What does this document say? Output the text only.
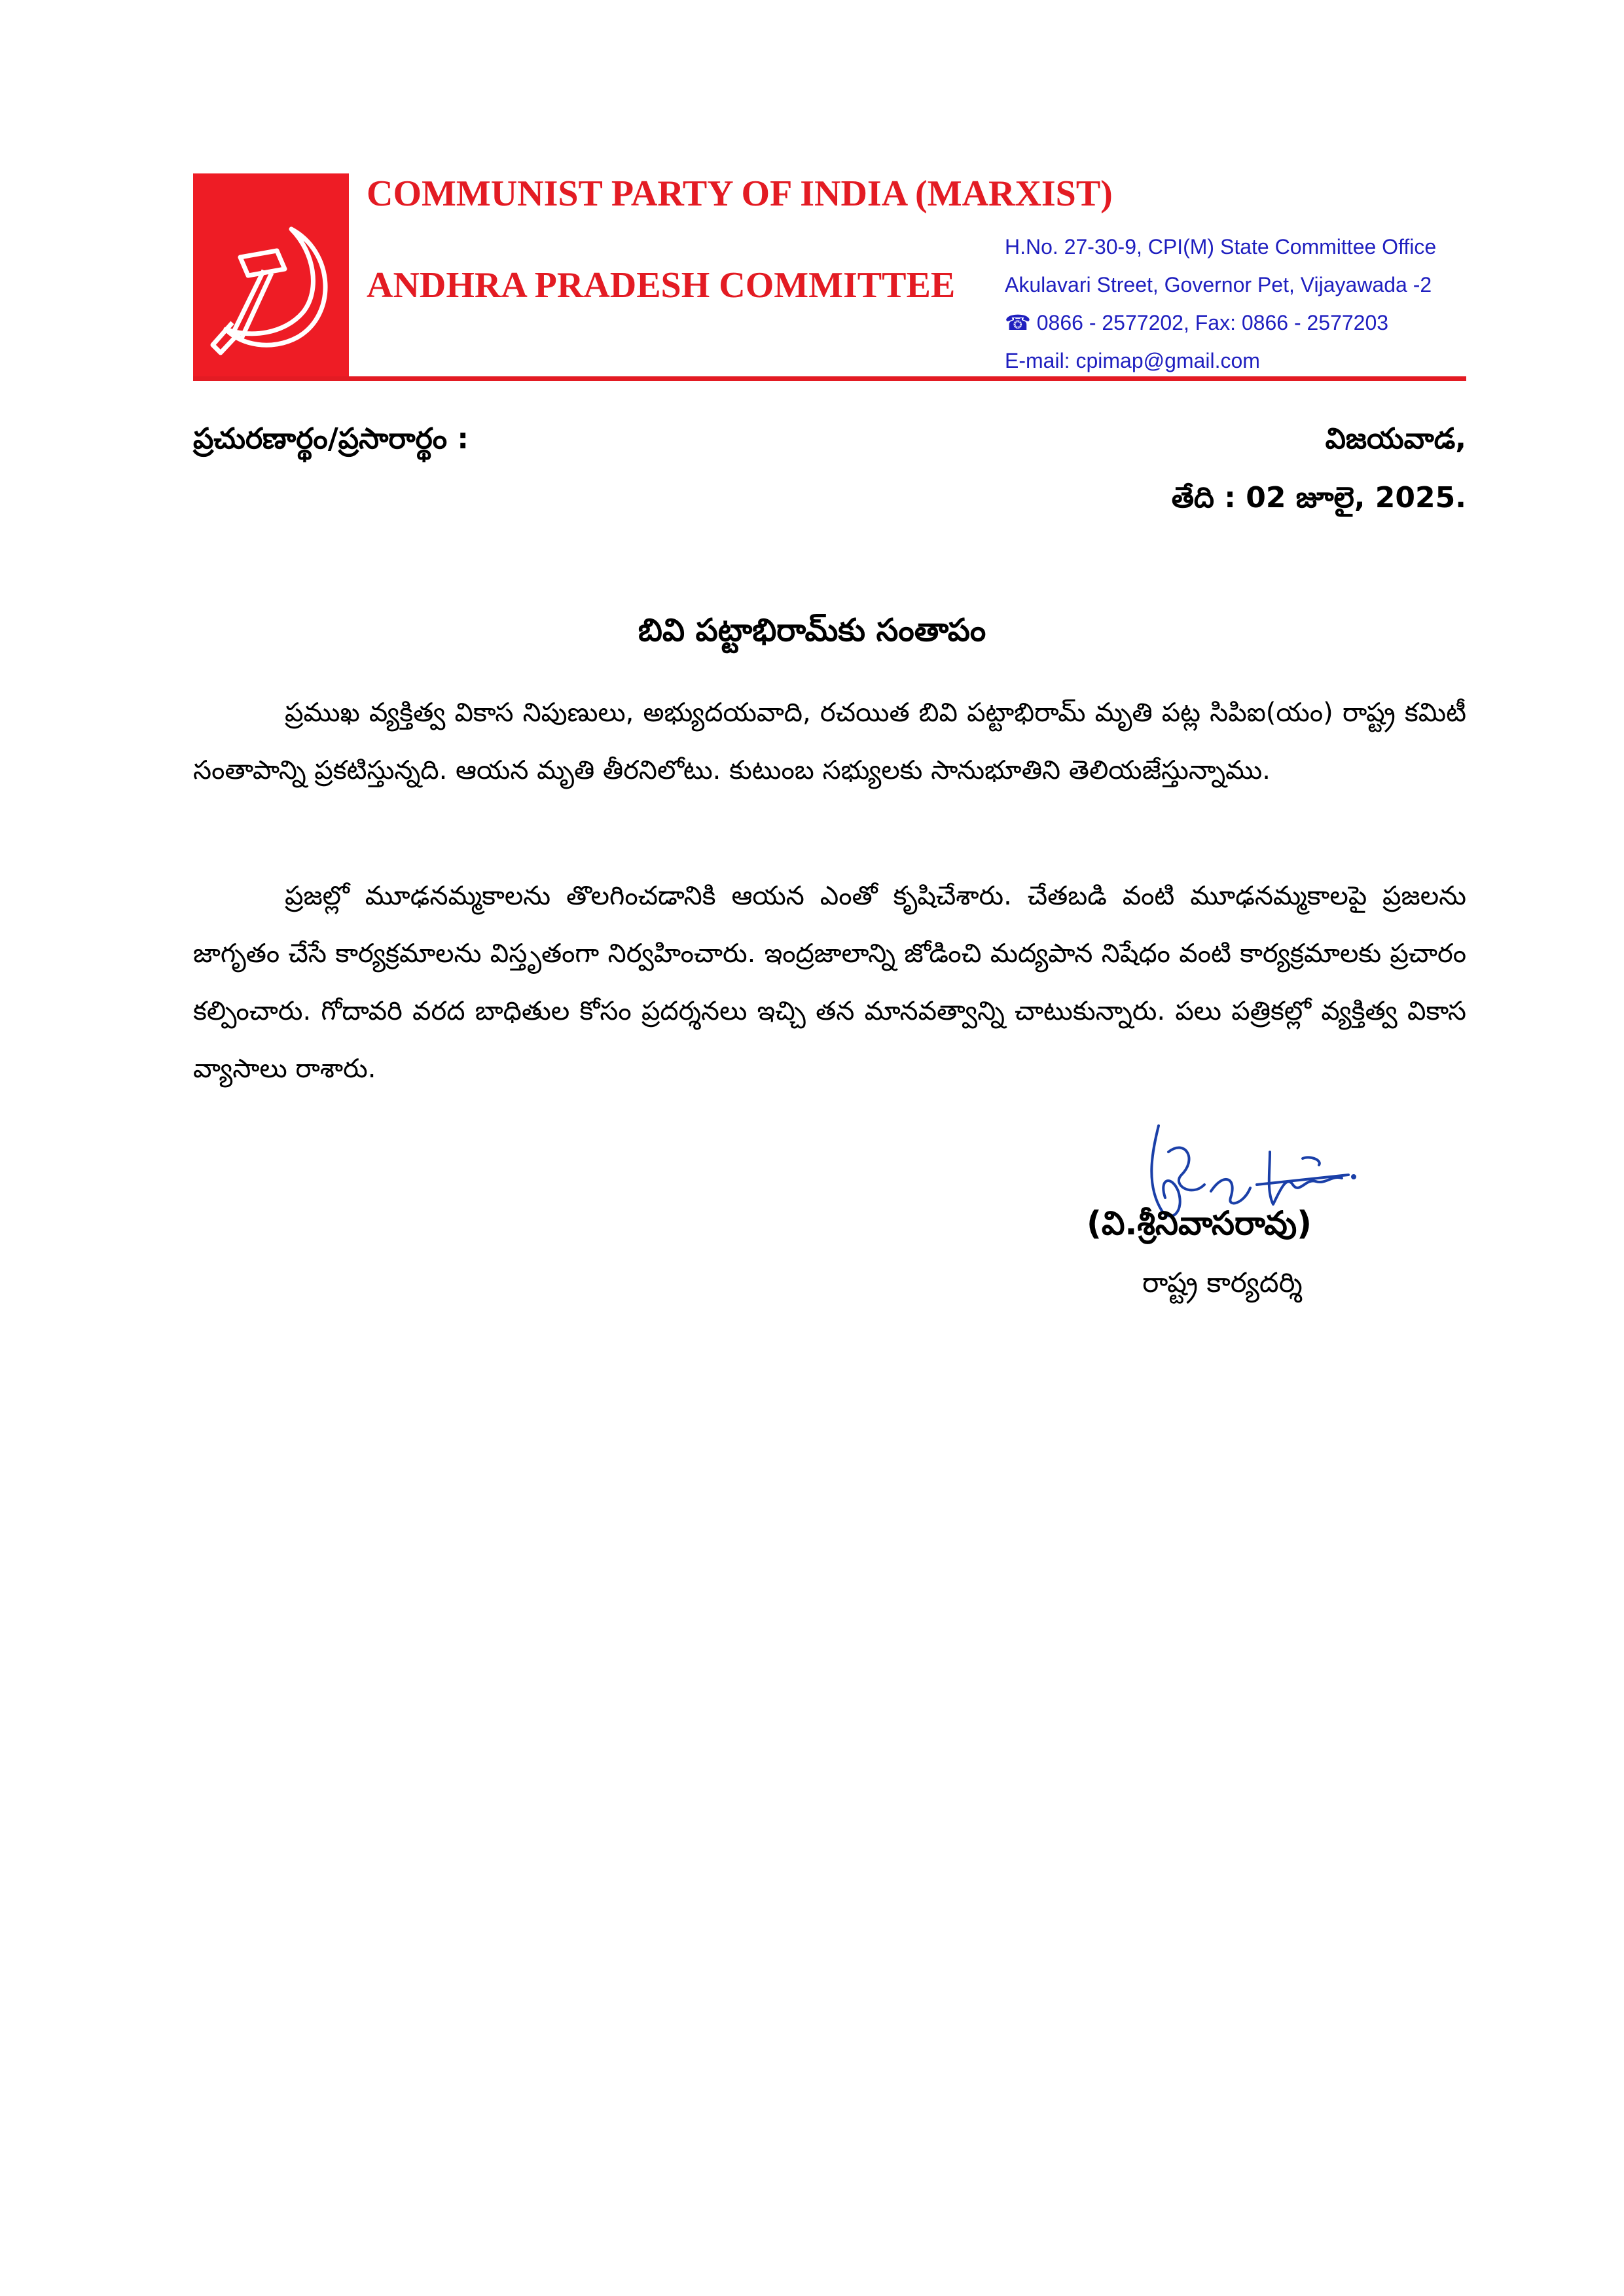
COMMUNIST PARTY OF INDIA (MARXIST)
ANDHRA PRADESH COMMITTEE
H.No. 27-30-9, CPI(M) State Committee Office
Akulavari Street, Governor Pet, Vijayawada -2
☎ 0866 - 2577202, Fax: 0866 - 2577203
E-mail: cpimap@gmail.com
ప్రచురణార్థం/ప్రసారార్థం :	విజయవాడ,
తేది : 02 జూలై, 2025.
బివి పట్టాభిరామ్‌కు సంతాపం
ప్రముఖ వ్యక్తిత్వ వికాస నిపుణులు, అభ్యుదయవాది, రచయిత బివి పట్టాభిరామ్ మృతి పట్ల సిపిఐ(యం) రాష్ట్ర కమిటీ సంతాపాన్ని ప్రకటిస్తున్నది. ఆయన మృతి తీరనిలోటు. కుటుంబ సభ్యులకు సానుభూతిని తెలియజేస్తున్నాము.
ప్రజల్లో మూఢనమ్మకాలను తొలగించడానికి ఆయన ఎంతో కృషిచేశారు. చేతబడి వంటి మూఢనమ్మకాలపై ప్రజలను జాగృతం చేసే కార్యక్రమాలను విస్తృతంగా నిర్వహించారు. ఇంద్రజాలాన్ని జోడించి మద్యపాన నిషేధం వంటి కార్యక్రమాలకు ప్రచారం కల్పించారు. గోదావరి వరద బాధితుల కోసం ప్రదర్శనలు ఇచ్చి తన మానవత్వాన్ని చాటుకున్నారు. పలు పత్రికల్లో వ్యక్తిత్వ వికాస వ్యాసాలు రాశారు.
(వి.శ్రీనివాసరావు)
రాష్ట్ర కార్యదర్శి
